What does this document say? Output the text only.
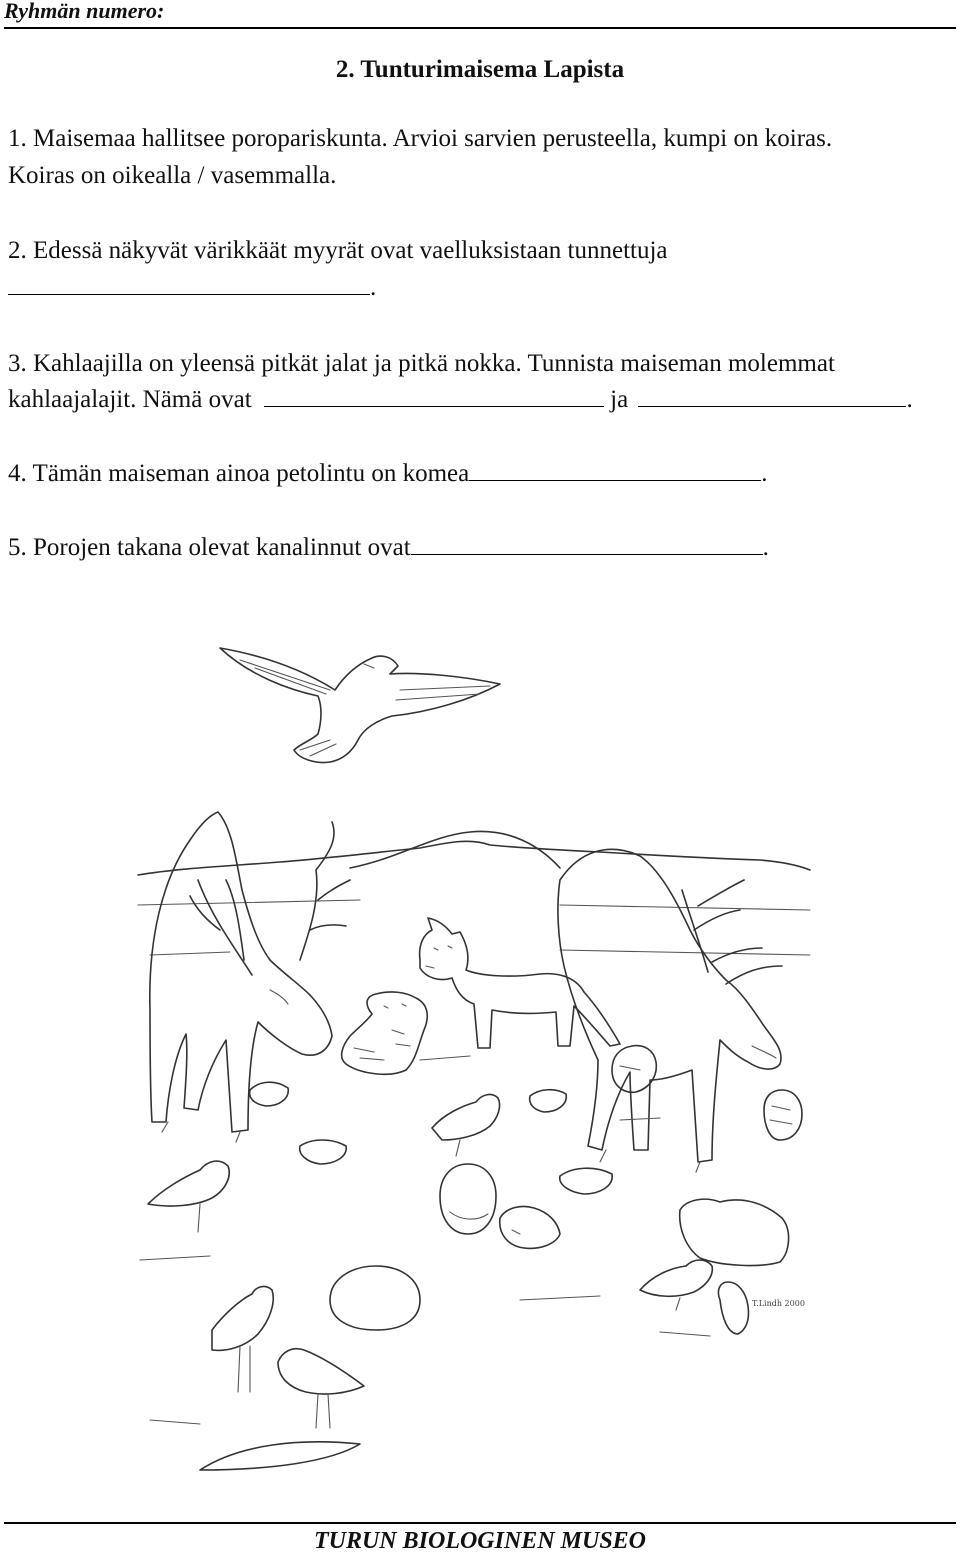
Ryhmän numero:
2. Tunturimaisema Lapista
1. Maisemaa hallitsee poropariskunta. Arvioi sarvien perusteella, kumpi on koiras.
Koiras on oikealla / vasemmalla.
2. Edessä näkyvät värikkäät myyrät ovat vaelluksistaan tunnettuja
.
3. Kahlaajilla on yleensä pitkät jalat ja pitkä nokka. Tunnista maiseman molemmat
kahlaajalajit. Nämä ovat	ja	.
4. Tämän maiseman ainoa petolintu on komea	.
5. Porojen takana olevat kanalinnut ovat	.
T.Lindh 2000
TURUN BIOLOGINEN MUSEO
